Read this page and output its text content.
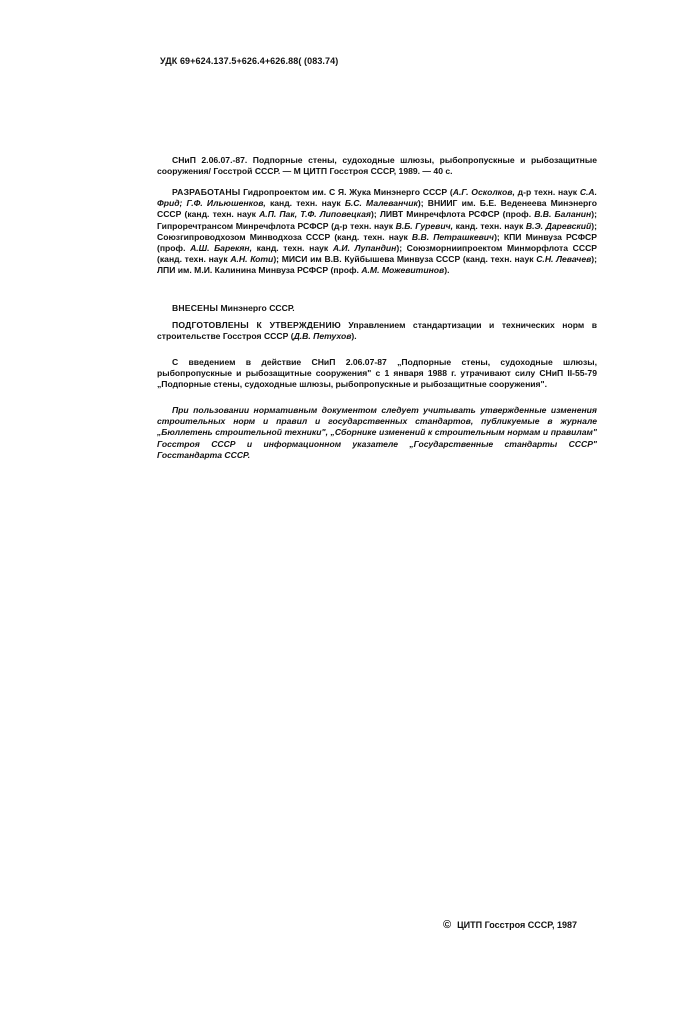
УДК 69+624.137.5+626.4+626.88( (083.74)

СНиП 2.06.07.-87. Подпорные стены, судоходные шлюзы, рыбопропускные и рыбозащитные сооружения/ Госстрой СССР. — М ЦИТП Госстроя СССР, 1989. — 40 с.

РАЗРАБОТАНЫ Гидропроектом им. С Я. Жука Минэнерго СССР (А.Г. Осколков, д-р техн. наук С.А. Фрид; Г.Ф. Ильюшенков, канд. техн. наук Б.С. Малеванчик); ВНИИГ им. Б.Е. Веденеева Минэнерго СССР (канд. техн. наук А.П. Пак, Т.Ф. Липовецкая); ЛИВТ Минречфлота РСФСР (проф. В.В. Баланин); Гипроречтрансом Минречфлота РСФСР (д-р техн. наук В.Б. Гуревич, канд. техн. наук В.Э. Даревский); Союзгипроводхозом Минводхоза СССР (канд. техн. наук В.В. Петрашкевич); КПИ Минвуза РСФСР (проф. А.Ш. Барекян, канд. техн. наук А.И. Лупандин); Союзморниипроектом Минморфлота СССР (канд. техн. наук А.Н. Коти); МИСИ им В.В. Куйбышева Минвуза СССР (канд. техн. наук С.Н. Левачев); ЛПИ им. М.И. Калинина Минвуза РСФСР (проф. А.М. Можевитинов).

ВНЕСЕНЫ Минэнерго СССР.

ПОДГОТОВЛЕНЫ К УТВЕРЖДЕНИЮ Управлением стандартизации и технических норм в строительстве Госстроя СССР (Д.В. Петухов).

С введением в действие СНиП 2.06.07-87 „Подпорные стены, судоходные шлюзы, рыбопропускные и рыбозащитные сооружения" с 1 января 1988 г. утрачивают силу СНиП II-55-79 „Подпорные стены, судоходные шлюзы, рыбопропускные и рыбозащитные сооружения".

При пользовании нормативным документом следует учитывать утвержденные изменения строительных норм и правил и государственных стандартов, публикуемые в журнале „Бюллетень строительной техники", „Сборнике изменений к строительным нормам и правилам" Госстроя СССР и информационном указателе „Государственные стандарты СССР" Госстандарта СССР.

© ЦИТП Госстроя СССР, 1987
